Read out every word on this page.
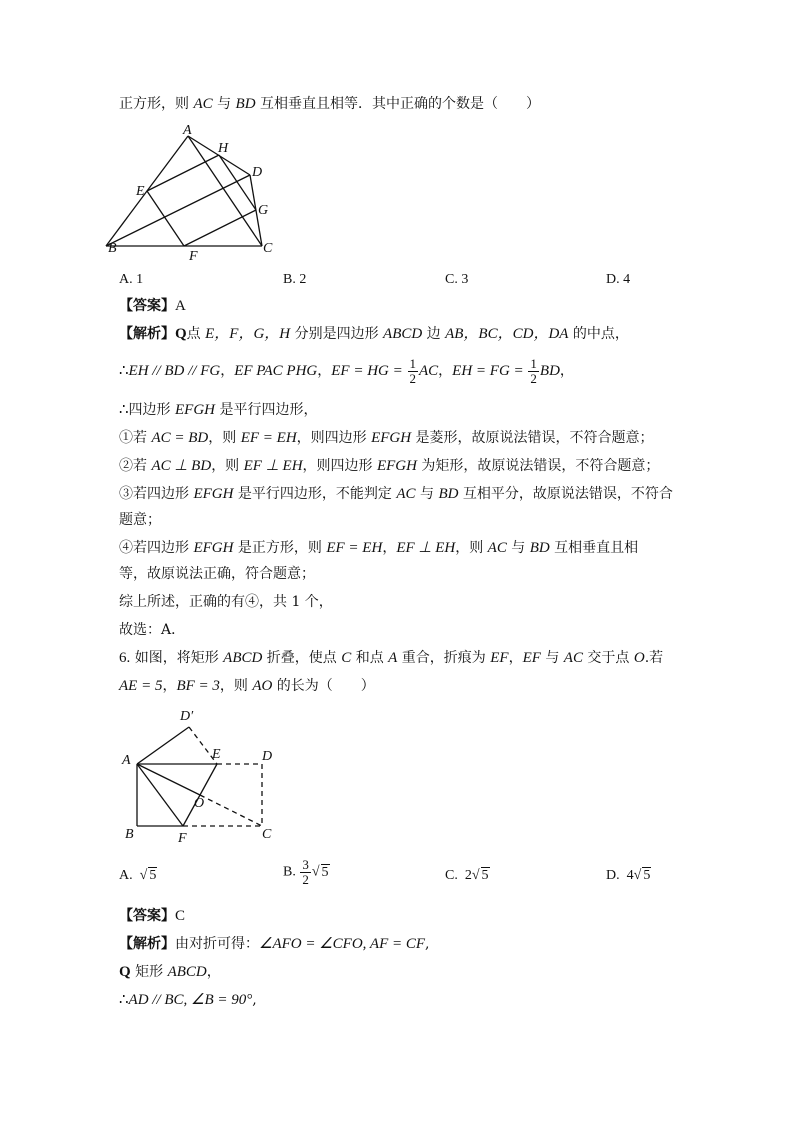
正方形，则 AC 与 BD 互相垂直且相等．其中正确的个数是（　　）
A
H
D
E
G
B
F
C
A. 1	B. 2	C. 3	D. 4
【答案】A
【解析】Q点 E，F，G，H 分别是四边形 ABCD 边 AB，BC，CD，DA 的中点，
∴EH // BD // FG，EF PAC PHG，EF = HG = $\frac{1}{2}$ AC，EH = FG = $\frac{1}{2}$ BD，
∴四边形 EFGH 是平行四边形，
①若 AC = BD，则 EF = EH，则四边形 EFGH 是菱形，故原说法错误，不符合题意；
②若 AC ⊥ BD，则 EF ⊥ EH，则四边形 EFGH 为矩形，故原说法错误，不符合题意；
③若四边形 EFGH 是平行四边形，不能判定 AC 与 BD 互相平分，故原说法错误，不符合
题意；
④若四边形 EFGH 是正方形，则 EF = EH，EF ⊥ EH，则 AC 与 BD 互相垂直且相
等，故原说法正确，符合题意；
综上所述，正确的有④，共 1 个，
故选：A．
6. 如图，将矩形 ABCD 折叠，使点 C 和点 A 重合，折痕为 EF，EF 与 AC 交于点 O.若
AE = 5，BF = 3，则 AO 的长为（　　）
D′
A	E	D
O
B	F	C
A. √ 5	B. $\frac{3}{2}$ √ 5	C. 2√ 5	D. 4√ 5
【答案】C
【解析】由对折可得：∠AFO = ∠CFO, AF = CF,
Q 矩形 ABCD，
∴AD // BC, ∠B = 90°,
